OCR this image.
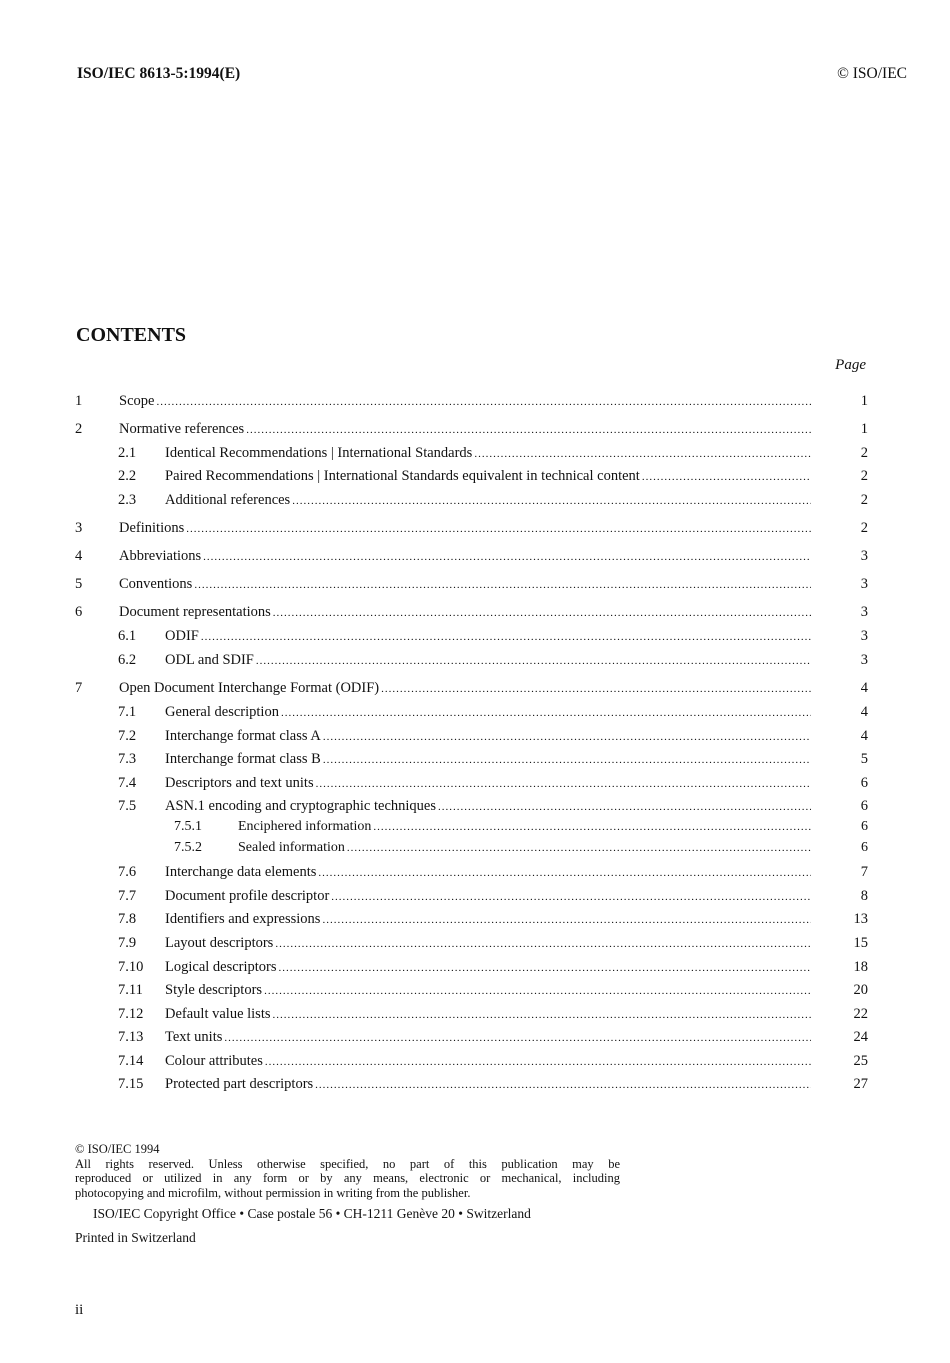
ISO/IEC 8613-5:1994(E)	© ISO/IEC
CONTENTS
Page
1	Scope .....	1
2	Normative references .....	1
2.1 Identical Recommendations | International Standards .....	2
2.2 Paired Recommendations | International Standards equivalent in technical content .....	2
2.3 Additional references .....	2
3	Definitions .....	2
4	Abbreviations .....	3
5	Conventions .....	3
6	Document representations .....	3
6.1 ODIF .....	3
6.2 ODL and SDIF .....	3
7	Open Document Interchange Format (ODIF) .....	4
7.1 General description .....	4
7.2 Interchange format class A .....	4
7.3 Interchange format class B .....	5
7.4 Descriptors and text units .....	6
7.5 ASN.1 encoding and cryptographic techniques .....	6
7.5.1	Enciphered information .....	6
7.5.2	Sealed information .....	6
7.6 Interchange data elements .....	7
7.7 Document profile descriptor .....	8
7.8 Identifiers and expressions .....	13
7.9 Layout descriptors .....	15
7.10 Logical descriptors .....	18
7.11 Style descriptors .....	20
7.12 Default value lists .....	22
7.13 Text units .....	24
7.14 Colour attributes .....	25
7.15 Protected part descriptors .....	27
© ISO/IEC 1994
All rights reserved. Unless otherwise specified, no part of this publication may be
reproduced or utilized in any form or by any means, electronic or mechanical, including
photocopying and microfilm, without permission in writing from the publisher.
ISO/IEC Copyright Office • Case postale 56 • CH-1211 Genève 20 • Switzerland
Printed in Switzerland
ii
